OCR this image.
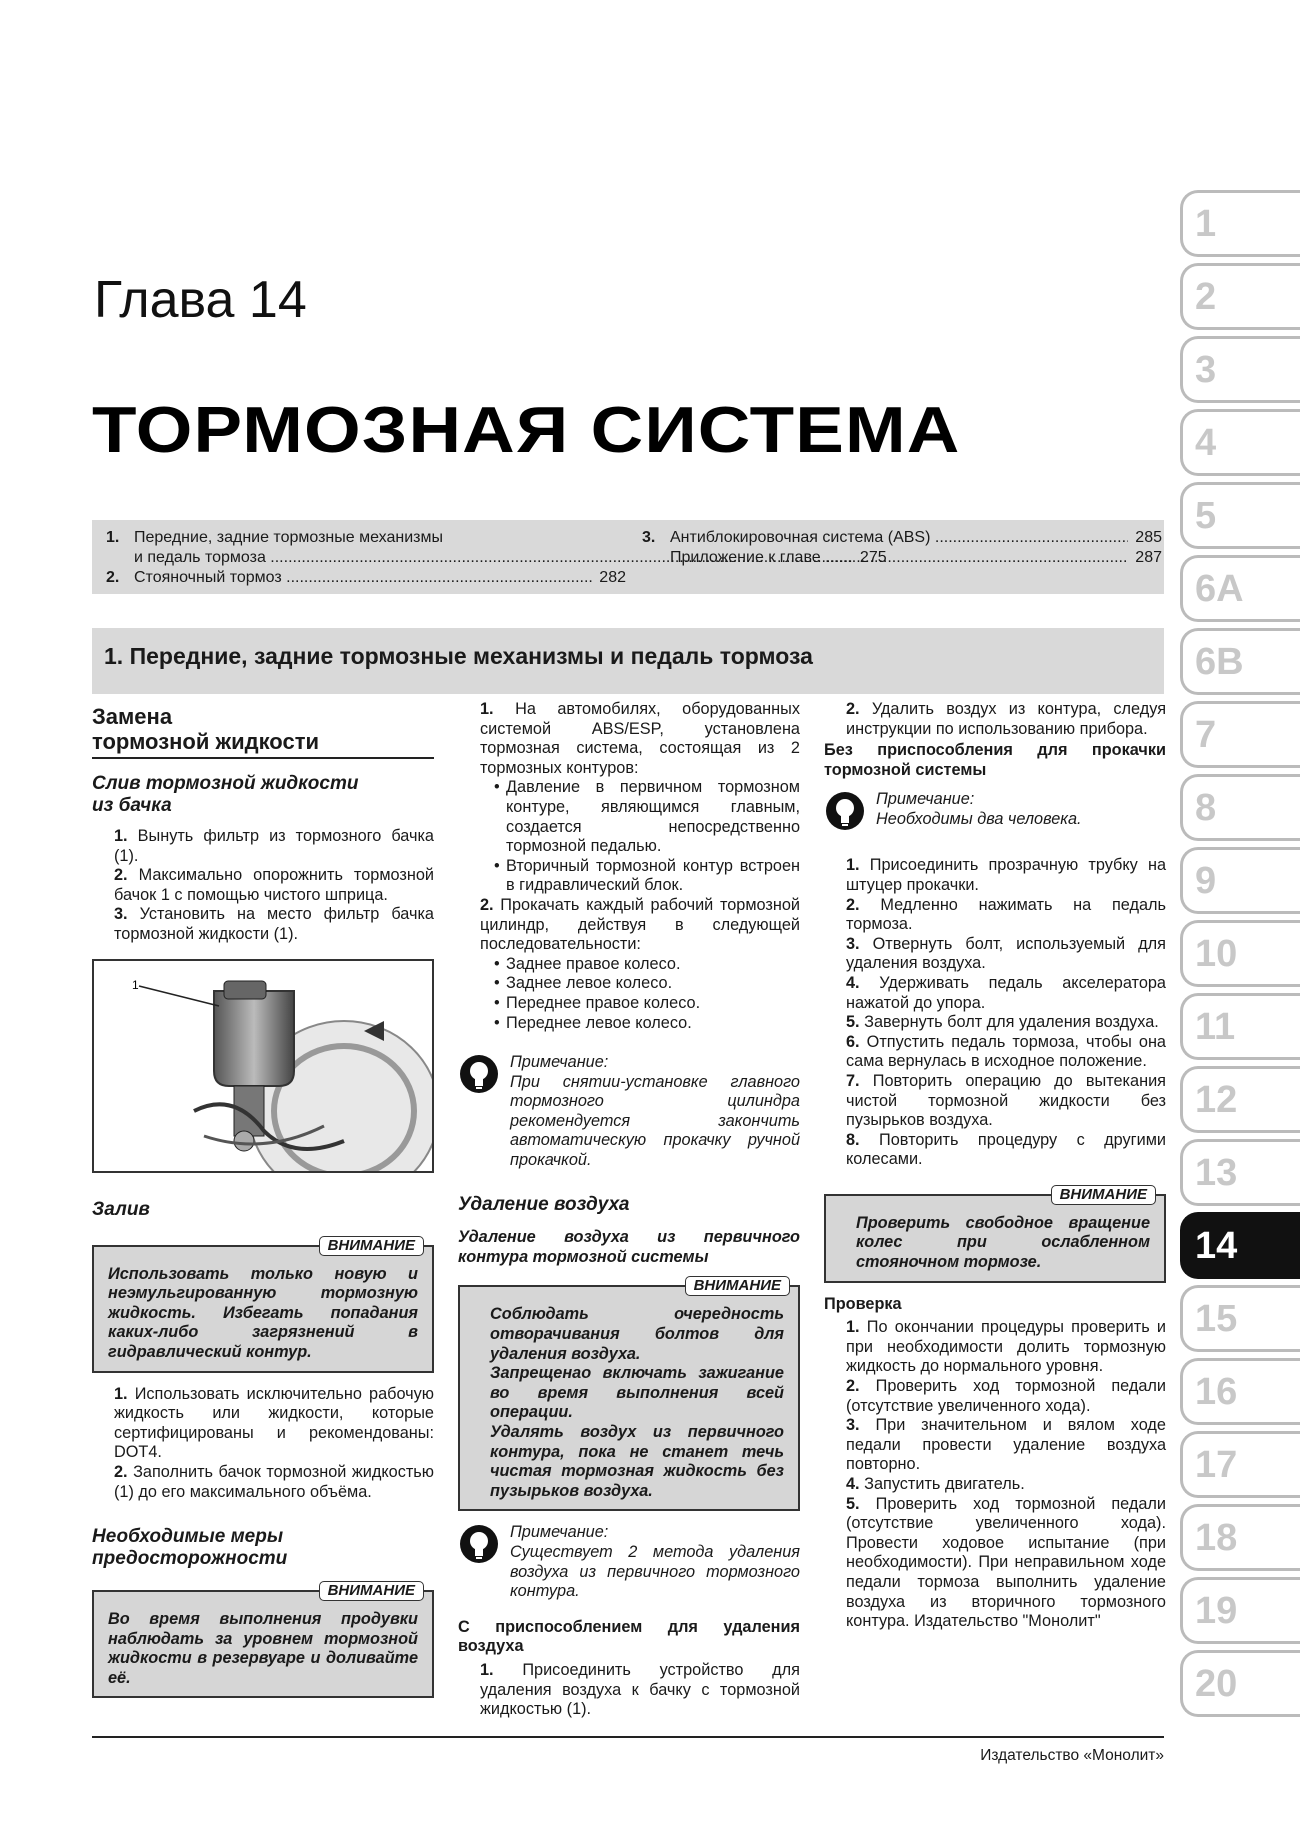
Глава 14
ТОРМОЗНАЯ СИСТЕМА
1. Передние, задние тормозные механизмы
и педаль тормоза .....	275
2. Стояночный тормоз .....	282
3. Антиблокировочная система (ABS) .....	285
Приложение к главе .....	287
1. Передние, задние тормозные механизмы и педаль тормоза
Замена
тормозной жидкости
Слив тормозной жидкости
из бачка

1. Вынуть фильтр из тормозного бачка (1).

2. Максимально опорожнить тормозной бачок 1 с помощью чистого шприца.

3. Установить на место фильтр бачка тормозной жидкости (1).

1
Залив
ВНИМАНИЕ
Использовать только новую и неэмульгированную тормозную жидкость. Избегать попадания каких-либо загрязнений в гидравлический контур.

1. Использовать исключительно рабочую жидкость или жидкости, которые сертифицированы и рекомендованы: DOT4.

2. Заполнить бачок тормозной жидкостью (1) до его максимального объёма.

Необходимые меры
предосторожности
ВНИМАНИЕ
Во время выполнения продувки наблюдать за уровнем тормозной жидкости в резервуаре и доливайте её.

1. На автомобилях, оборудованных системой ABS/ESP, установлена тормозная система, состоящая из 2 тормозных контуров:

• Давление в первичном тормозном контуре, являющимся главным, создается непосредственно тормозной педалью.

• Вторичный тормозной контур встроен в гидравлический блок.

2. Прокачать каждый рабочий тормозной цилиндр, действуя в следующей последовательности:

• Заднее правое колесо.

• Заднее левое колесо.

• Переднее правое колесо.

• Переднее левое колесо.

Примечание:
При снятии-установке главного тормозного цилиндра рекомендуется закончить автоматическую прокачку ручной прокачкой.
Удаление воздуха
Удаление воздуха из первичного контура тормозной системы
ВНИМАНИЕ
Соблюдать очередность отворачивания болтов для удаления воздуха.
Запрещенао включать зажигание во время выполнения всей операции.
Удалять воздух из первичного контура, пока не станет течь чистая тормозная жидкость без пузырьков воздуха.
Примечание:
Существует 2 метода удаления воздуха из первичного тормозного контура.
С приспособлением для удаления воздуха

1. Присоединить устройство для удаления воздуха к бачку с тормозной жидкостью (1).

2. Удалить воздух из контура, следуя инструкции по использованию прибора.

Без приспособления для прокачки тормозной системы
Примечание:
Необходимы два человека.

1. Присоединить прозрачную трубку на штуцер прокачки.

2. Медленно нажимать на педаль тормоза.

3. Отвернуть болт, используемый для удаления воздуха.

4. Удерживать педаль акселератора нажатой до упора.

5. Завернуть болт для удаления воздуха.

6. Отпустить педаль тормоза, чтобы она сама вернулась в исходное положение.

7. Повторить операцию до вытекания чистой тормозной жидкости без пузырьков воздуха.

8. Повторить процедуру с другими колесами.

ВНИМАНИЕ
Проверить свободное вращение колес при ослабленном стояночном тормозе.
Проверка

1. По окончании процедуры проверить и при необходимости долить тормозную жидкость до нормального уровня.

2. Проверить ход тормозной педали (отсутствие увеличенного хода).

3. При значительном и вялом ходе педали провести удаление воздуха повторно.

4. Запустить двигатель.

5. Проверить ход тормозной педали (отсутствие увеличенного хода). Провести ходовое испытание (при необходимости). При неправильном ходе педали тормоза выполнить удаление воздуха из вторичного тормозного контура. Издательство "Монолит"

1
2
3
4
5
6A
6B
7
8
9
10
11
12
13
14
15
16
17
18
19
20
Издательство «Монолит»
